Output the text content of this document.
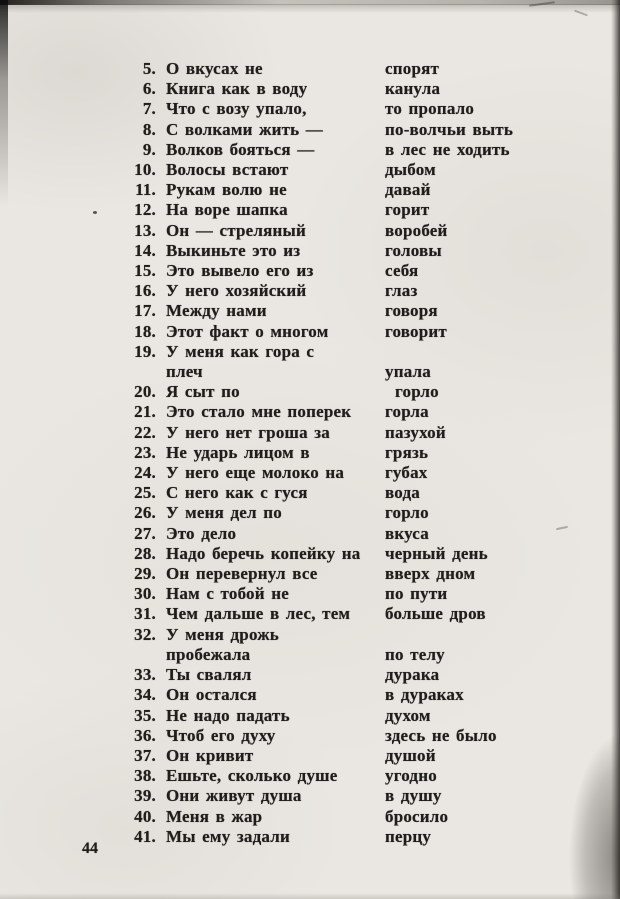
5. О вкусах не	спорят
6. Книга как в воду	канула
7. Что с возу упало,	то пропало
8. С волками жить —	по-волчьи выть
9. Волков бояться —	в лес не ходить
10. Волосы встают	дыбом
11. Рукам волю не	давай
12. На воре шапка	горит
13. Он — стреляный	воробей
14. Выкиньте это из	головы
15. Это вывело его из	себя
16. У него хозяйский	глаз
17. Между нами	говоря
18. Этот факт о многом	говорит
19. У меня как гора с
плеч	упала
20. Я сыт по	горло
21. Это стало мне поперек	горла
22. У него нет гроша за	пазухой
23. Не ударь лицом в	грязь
24. У него еще молоко на	губах
25. С него как с гуся	вода
26. У меня дел по	горло
27. Это дело	вкуса
28. Надо беречь копейку на	черный день
29. Он перевернул все	вверх дном
30. Нам с тобой не	по пути
31. Чем дальше в лес, тем	больше дров
32. У меня дрожь
пробежала	по телу
33. Ты свалял	дурака
34. Он остался	в дураках
35. Не надо падать	духом
36. Чтоб его духу	здесь не было
37. Он кривит	душой
38. Ешьте, сколько душе	угодно
39. Они живут душа	в душу
40. Меня в жар	бросило
41. Мы ему задали	перцу
44
